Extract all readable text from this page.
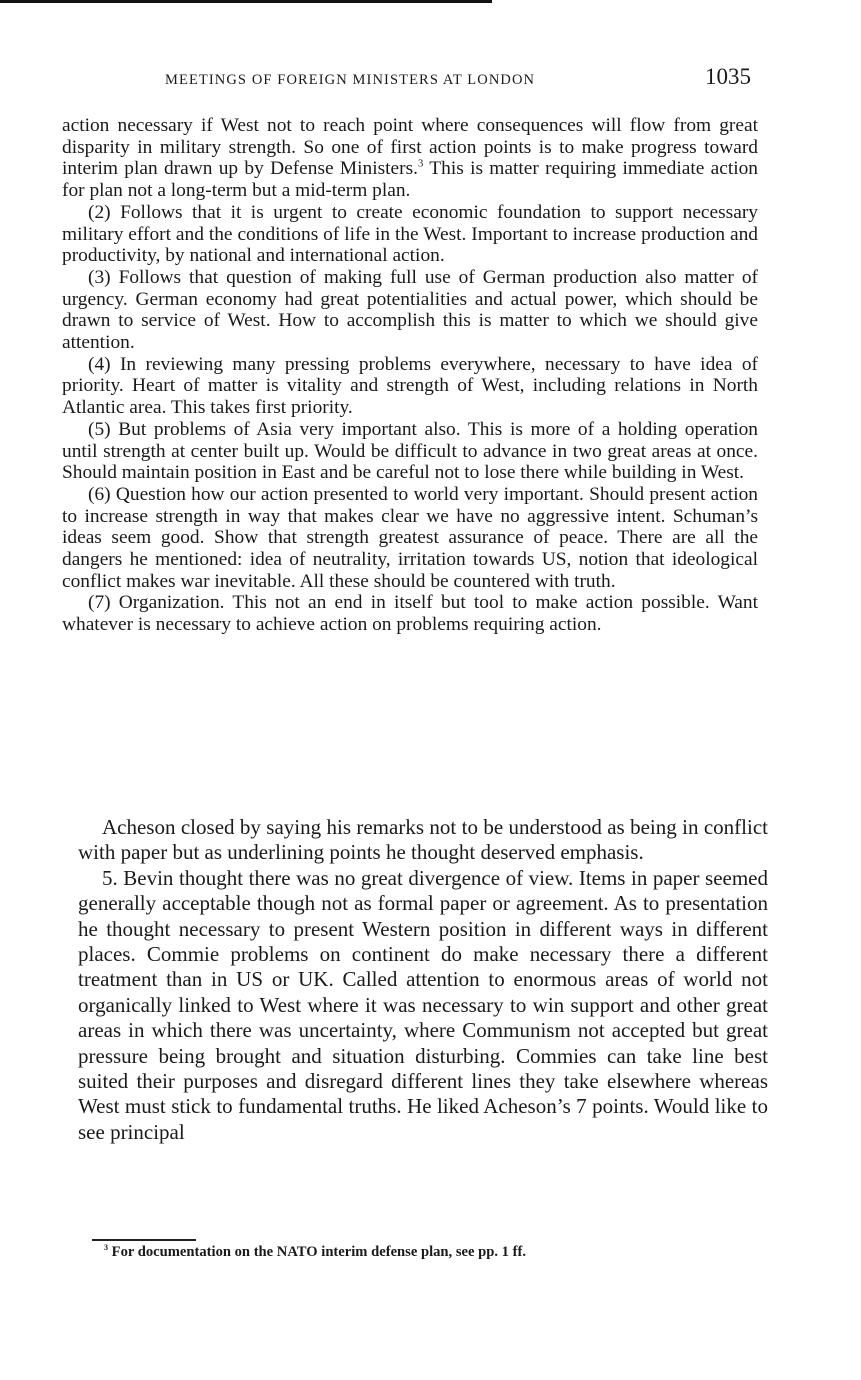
MEETINGS OF FOREIGN MINISTERS AT LONDON	1035

action necessary if West not to reach point where consequences will flow from great disparity in military strength. So one of first action points is to make progress toward interim plan drawn up by Defense Ministers.$^3$ This is matter requiring immediate action for plan not a long-term but a mid-term plan.

(2) Follows that it is urgent to create economic foundation to support necessary military effort and the conditions of life in the West. Important to increase production and productivity, by national and international action.

(3) Follows that question of making full use of German production also matter of urgency. German economy had great potentialities and actual power, which should be drawn to service of West. How to accomplish this is matter to which we should give attention.

(4) In reviewing many pressing problems everywhere, necessary to have idea of priority. Heart of matter is vitality and strength of West, including relations in North Atlantic area. This takes first priority.

(5) But problems of Asia very important also. This is more of a holding operation until strength at center built up. Would be difficult to advance in two great areas at once. Should maintain position in East and be careful not to lose there while building in West.

(6) Question how our action presented to world very important. Should present action to increase strength in way that makes clear we have no aggressive intent. Schuman’s ideas seem good. Show that strength greatest assurance of peace. There are all the dangers he mentioned: idea of neutrality, irritation towards US, notion that ideological conflict makes war inevitable. All these should be countered with truth.

(7) Organization. This not an end in itself but tool to make action possible. Want whatever is necessary to achieve action on problems requiring action.

Acheson closed by saying his remarks not to be understood as being in conflict with paper but as underlining points he thought deserved emphasis.

5. Bevin thought there was no great divergence of view. Items in paper seemed generally acceptable though not as formal paper or agreement. As to presentation he thought necessary to present Western position in different ways in different places. Commie problems on continent do make necessary there a different treatment than in US or UK. Called attention to enormous areas of world not organically linked to West where it was necessary to win support and other great areas in which there was uncertainty, where Communism not accepted but great pressure being brought and situation disturbing. Commies can take line best suited their purposes and disregard different lines they take elsewhere whereas West must stick to fundamental truths. He liked Acheson’s 7 points. Would like to see principal

$^3$ For documentation on the NATO interim defense plan, see pp. 1 ff.
